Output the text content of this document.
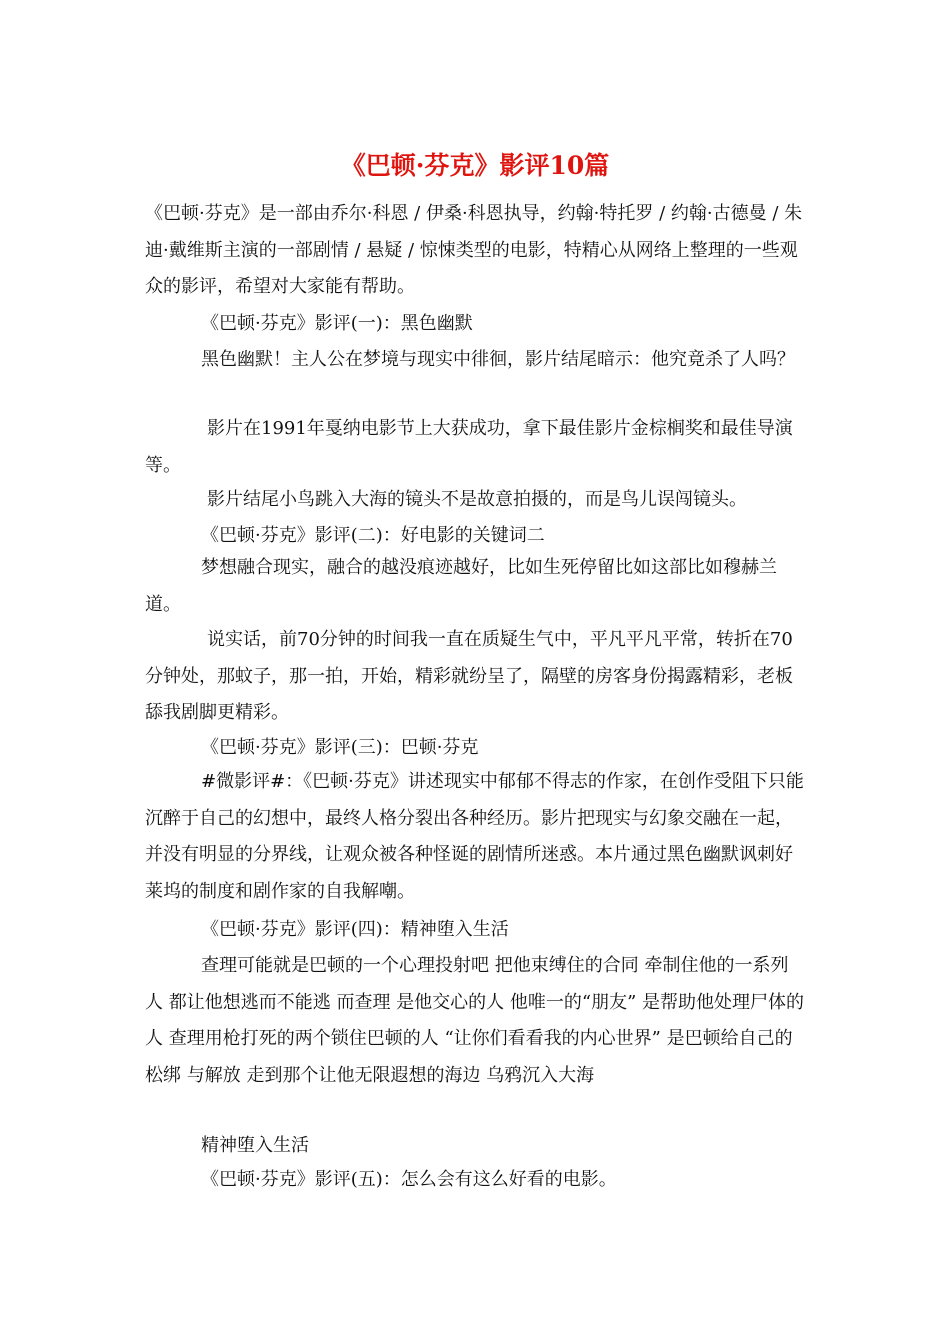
《巴顿·芬克》影评10篇

《巴顿·芬克》是一部由乔尔·科恩 / 伊桑·科恩执导，约翰·特托罗 / 约翰·古德曼 / 朱迪·戴维斯主演的一部剧情 / 悬疑 / 惊悚类型的电影，特精心从网络上整理的一些观众的影评，希望对大家能有帮助。

《巴顿·芬克》影评(一)：黑色幽默

黑色幽默！主人公在梦境与现实中徘徊，影片结尾暗示：他究竟杀了人吗？

影片在1991年戛纳电影节上大获成功，拿下最佳影片金棕榈奖和最佳导演等。

影片结尾小鸟跳入大海的镜头不是故意拍摄的，而是鸟儿误闯镜头。

《巴顿·芬克》影评(二)：好电影的关键词二

梦想融合现实，融合的越没痕迹越好，比如生死停留比如这部比如穆赫兰道。

说实话，前70分钟的时间我一直在质疑生气中，平凡平凡平常，转折在70分钟处，那蚊子，那一拍，开始，精彩就纷呈了，隔壁的房客身份揭露精彩，老板舔我剧脚更精彩。

《巴顿·芬克》影评(三)：巴顿·芬克

#微影评#：《巴顿·芬克》讲述现实中郁郁不得志的作家，在创作受阻下只能沉醉于自己的幻想中，最终人格分裂出各种经历。影片把现实与幻象交融在一起，并没有明显的分界线，让观众被各种怪诞的剧情所迷惑。本片通过黑色幽默讽刺好莱坞的制度和剧作家的自我解嘲。

《巴顿·芬克》影评(四)：精神堕入生活

查理可能就是巴顿的一个心理投射吧 把他束缚住的合同 牵制住他的一系列人 都让他想逃而不能逃 而查理 是他交心的人 他唯一的“朋友” 是帮助他处理尸体的人 查理用枪打死的两个锁住巴顿的人 “让你们看看我的内心世界” 是巴顿给自己的松绑 与解放 走到那个让他无限遐想的海边 乌鸦沉入大海

精神堕入生活

《巴顿·芬克》影评(五)：怎么会有这么好看的电影。
